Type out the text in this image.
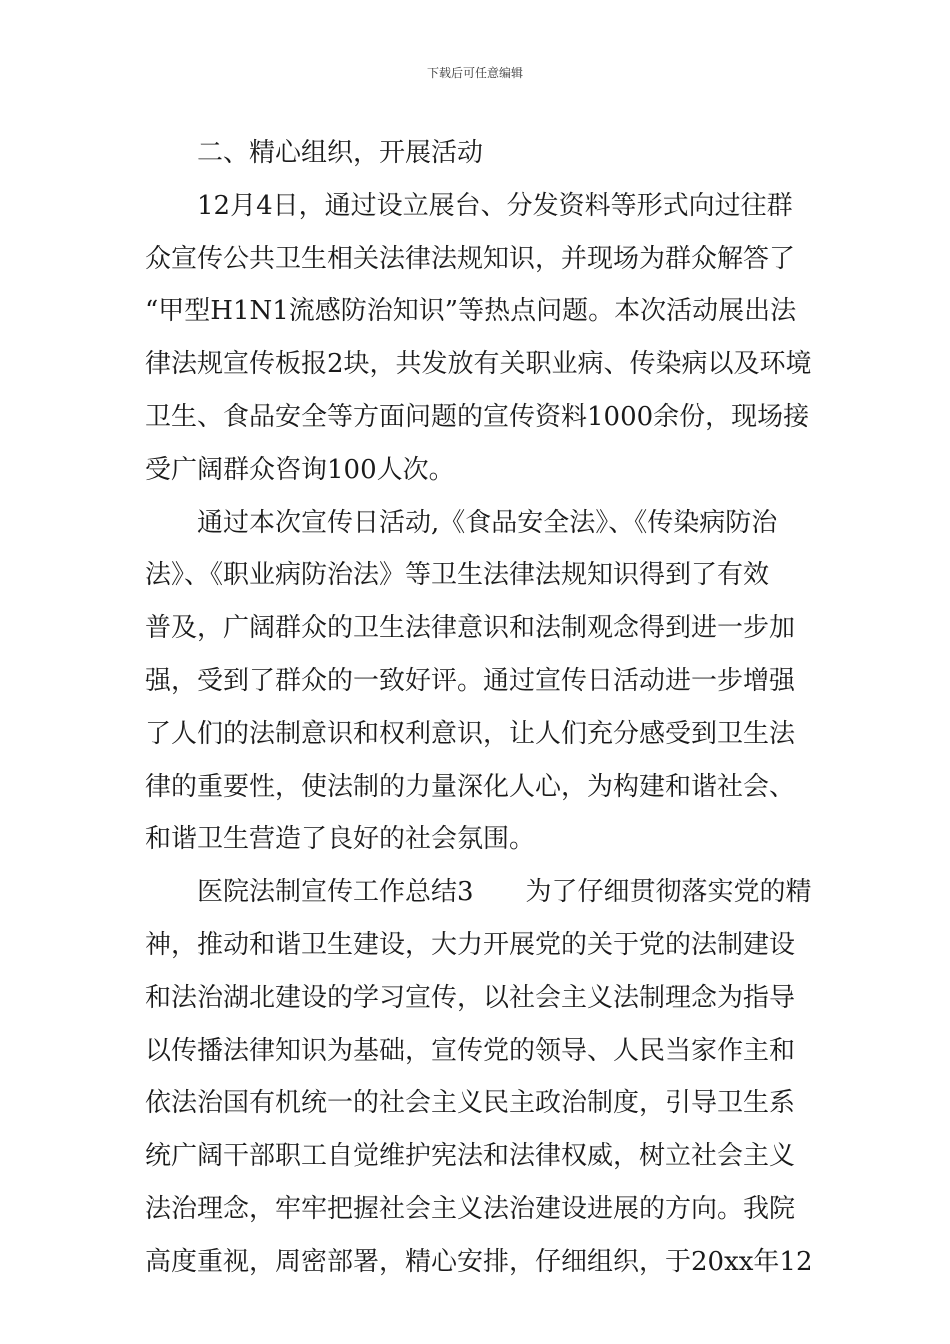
下载后可任意编辑
二、精心组织，开展活动
12月4日，通过设立展台、分发资料等形式向过往群
众宣传公共卫生相关法律法规知识，并现场为群众解答了
“甲型H1N1流感防治知识”等热点问题。本次活动展出法
律法规宣传板报2块，共发放有关职业病、传染病以及环境
卫生、食品安全等方面问题的宣传资料1000余份，现场接
受广阔群众咨询100人次。
通过本次宣传日活动,《食品安全法》、《传染病防治
法》、《职业病防治法》等卫生法律法规知识得到了有效
普及，广阔群众的卫生法律意识和法制观念得到进一步加
强，受到了群众的一致好评。通过宣传日活动进一步增强
了人们的法制意识和权利意识，让人们充分感受到卫生法
律的重要性，使法制的力量深化人心，为构建和谐社会、
和谐卫生营造了良好的社会氛围。
医院法制宣传工作总结3 为了仔细贯彻落实党的精
神，推动和谐卫生建设，大力开展党的关于党的法制建设
和法治湖北建设的学习宣传，以社会主义法制理念为指导
以传播法律知识为基础，宣传党的领导、人民当家作主和
依法治国有机统一的社会主义民主政治制度，引导卫生系
统广阔干部职工自觉维护宪法和法律权威，树立社会主义
法治理念，牢牢把握社会主义法治建设进展的方向。我院
高度重视，周密部署，精心安排，仔细组织，于20xx年12
